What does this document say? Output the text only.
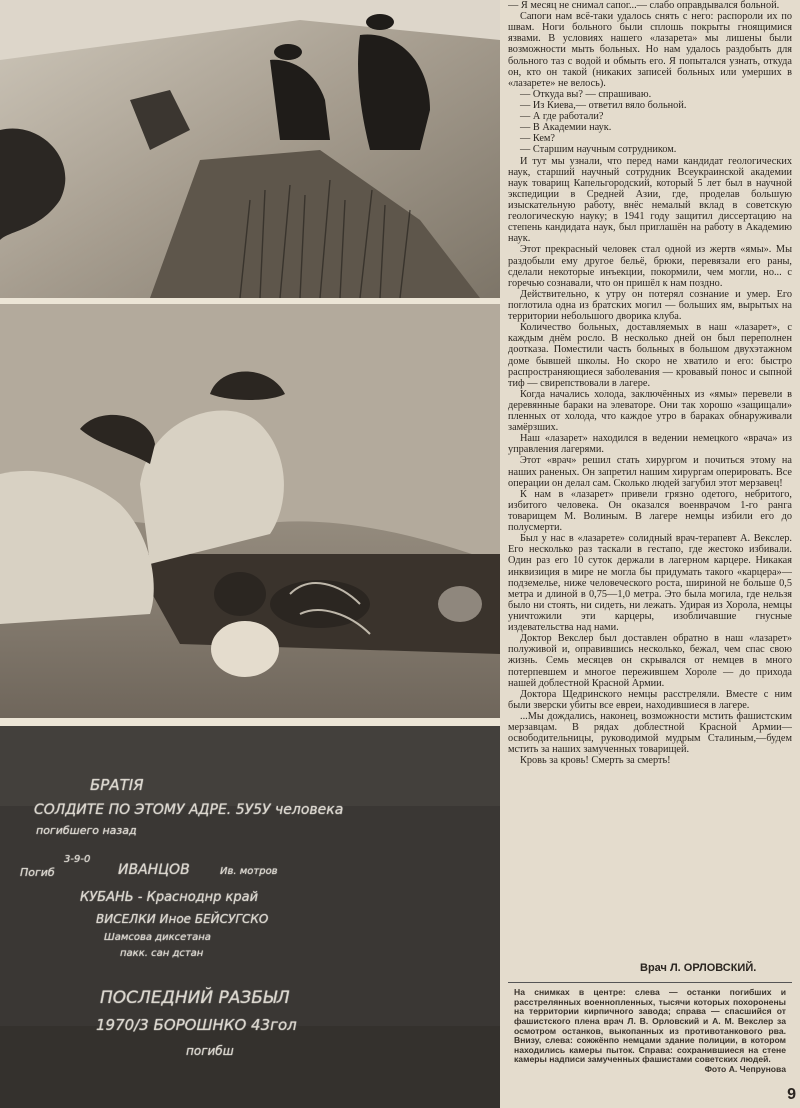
БРАТIЯ
СОЛДИТЕ ПО ЭТОМУ АДРЕ. 5У5У человека
погибшего назад
3-9-0
Погиб	ИВАНЦОВ	Ив. мотров
КУБАНЬ - Красноднр край
ВИСЕЛКИ Иное БЕЙСУГСКО
Шамсова диксетана
пакк. сан дстан
ПОСЛЕДНИЙ РАЗБЫЛ
1970/3 БОРОШНКО 43гол
погибш

— Я месяц не снимал сапог...— слабо оправдывался больной.

Сапоги нам всё-таки удалось снять с него: распороли их по швам. Ноги больного были сплошь покрыты гноящимися язвами. В условиях нашего «лазарета» мы лишены были возможности мыть больных. Но нам удалось раздобыть для больного таз с водой и обмыть его. Я попытался узнать, откуда он, кто он такой (никаких записей больных или умерших в «лазарете» не велось).

— Откуда вы? — спрашиваю.

— Из Киева,— ответил вяло больной.

— А где работали?

— В Академии наук.

— Кем?

— Старшим научным сотрудником.

И тут мы узнали, что перед нами кандидат геологических наук, старший научный сотрудник Всеукраинской академии наук товарищ Капельгородский, который 5 лет был в научной экспедиции в Средней Азии, где, проделав большую изыскательную работу, внёс немалый вклад в советскую геологическую науку; в 1941 году защитил диссертацию на степень кандидата наук, был приглашён на работу в Академию наук.

Этот прекрасный человек стал одной из жертв «ямы». Мы раздобыли ему другое бельё, брюки, перевязали его раны, сделали некоторые инъекции, покормили, чем могли, но... с горечью сознавали, что он пришёл к нам поздно.

Действительно, к утру он потерял сознание и умер. Его поглотила одна из братских могил — больших ям, вырытых на территории небольшого дворика клуба.

Количество больных, доставляемых в наш «лазарет», с каждым днём росло. В несколько дней он был переполнен доотказа. Поместили часть больных в большом двухэтажном доме бывшей школы. Но скоро не хватило и его: быстро распространяющиеся заболевания — кровавый понос и сыпной тиф — свирепствовали в лагере.

Когда начались холода, заключённых из «ямы» перевели в деревянные бараки на элеваторе. Они так хорошо «защищали» пленных от холода, что каждое утро в бараках обнаруживали замёрзших.

Наш «лазарет» находился в ведении немецкого «врача» из управления лагерями.

Этот «врач» решил стать хирургом и почиться этому на наших раненых. Он запретил нашим хирургам оперировать. Все операции он делал сам. Сколько людей загубил этот мерзавец!

К нам в «лазарет» привели грязно одетого, небритого, избитого человека. Он оказался военврачом 1-го ранга товарищем М. Волиным. В лагере немцы избили его до полусмерти.

Был у нас в «лазарете» солидный врач-терапевт А. Векслер. Его несколько раз таскали в гестапо, где жестоко избивали. Один раз его 10 суток держали в лагерном карцере. Никакая инквизиция в мире не могла бы придумать такого «карцера»— подземелье, ниже человеческого роста, шириной не больше 0,5 метра и длиной в 0,75—1,0 метра. Это была могила, где нельзя было ни стоять, ни сидеть, ни лежать. Удирая из Хорола, немцы уничтожили эти карцеры, изобличавшие гнусные издевательства над нами.

Доктор Векслер был доставлен обратно в наш «лазарет» полуживой и, оправившись несколько, бежал, чем спас свою жизнь. Семь месяцев он скрывался от немцев в много потерпевшем и многое пережившем Хороле — до прихода нашей доблестной Красной Армии.

Доктора Щедринского немцы расстреляли. Вместе с ним были зверски убиты все евреи, находившиеся в лагере.

...Мы дождались, наконец, возможности мстить фашистским мерзавцам. В рядах доблестной Красной Армии—освободительницы, руководимой мудрым Сталиным,—будем мстить за наших замученных товарищей.

Кровь за кровь! Смерть за смерть!

Врач Л. ОРЛОВСКИЙ.
На снимках в центре: слева — останки погибших и расстрелянных военнопленных, тысячи которых похоронены на территории кирпичного завода; справа — спасшийся от фашистского плена врач Л. В. Орловский и А. М. Векслер за осмотром останков, выкопанных из противотанкового рва. Внизу, слева: сожжёнпо немцами здание полиции, в котором находились камеры пыток. Справа: сохранившиеся на стене камеры надписи замученных фашистами советских людей.
Фото А. Чепрунова
9
